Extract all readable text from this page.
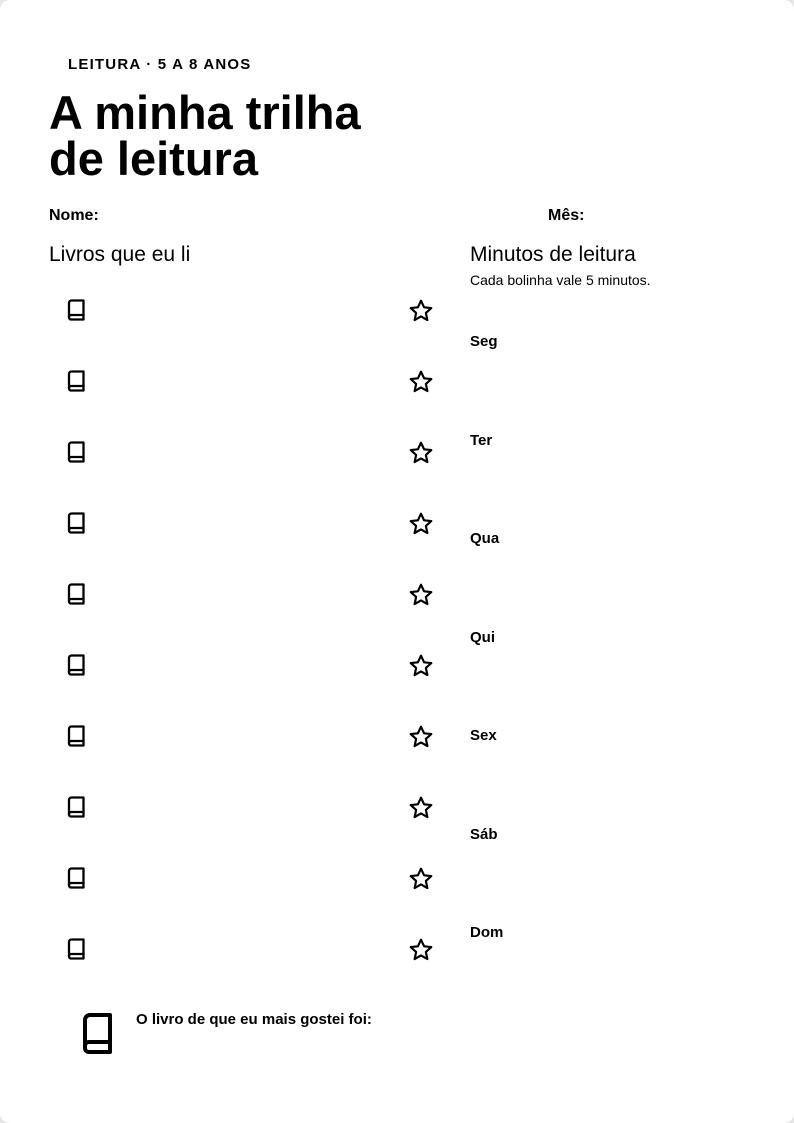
LEITURA · 5 A 8 ANOS
A minha trilha
de leitura
Nome:	Mês:
Livros que eu li	Minutos de leitura
Cada bolinha vale 5 minutos.
Seg
Ter
Qua
Qui
Sex
Sáb
Dom
O livro de que eu mais gostei foi:
